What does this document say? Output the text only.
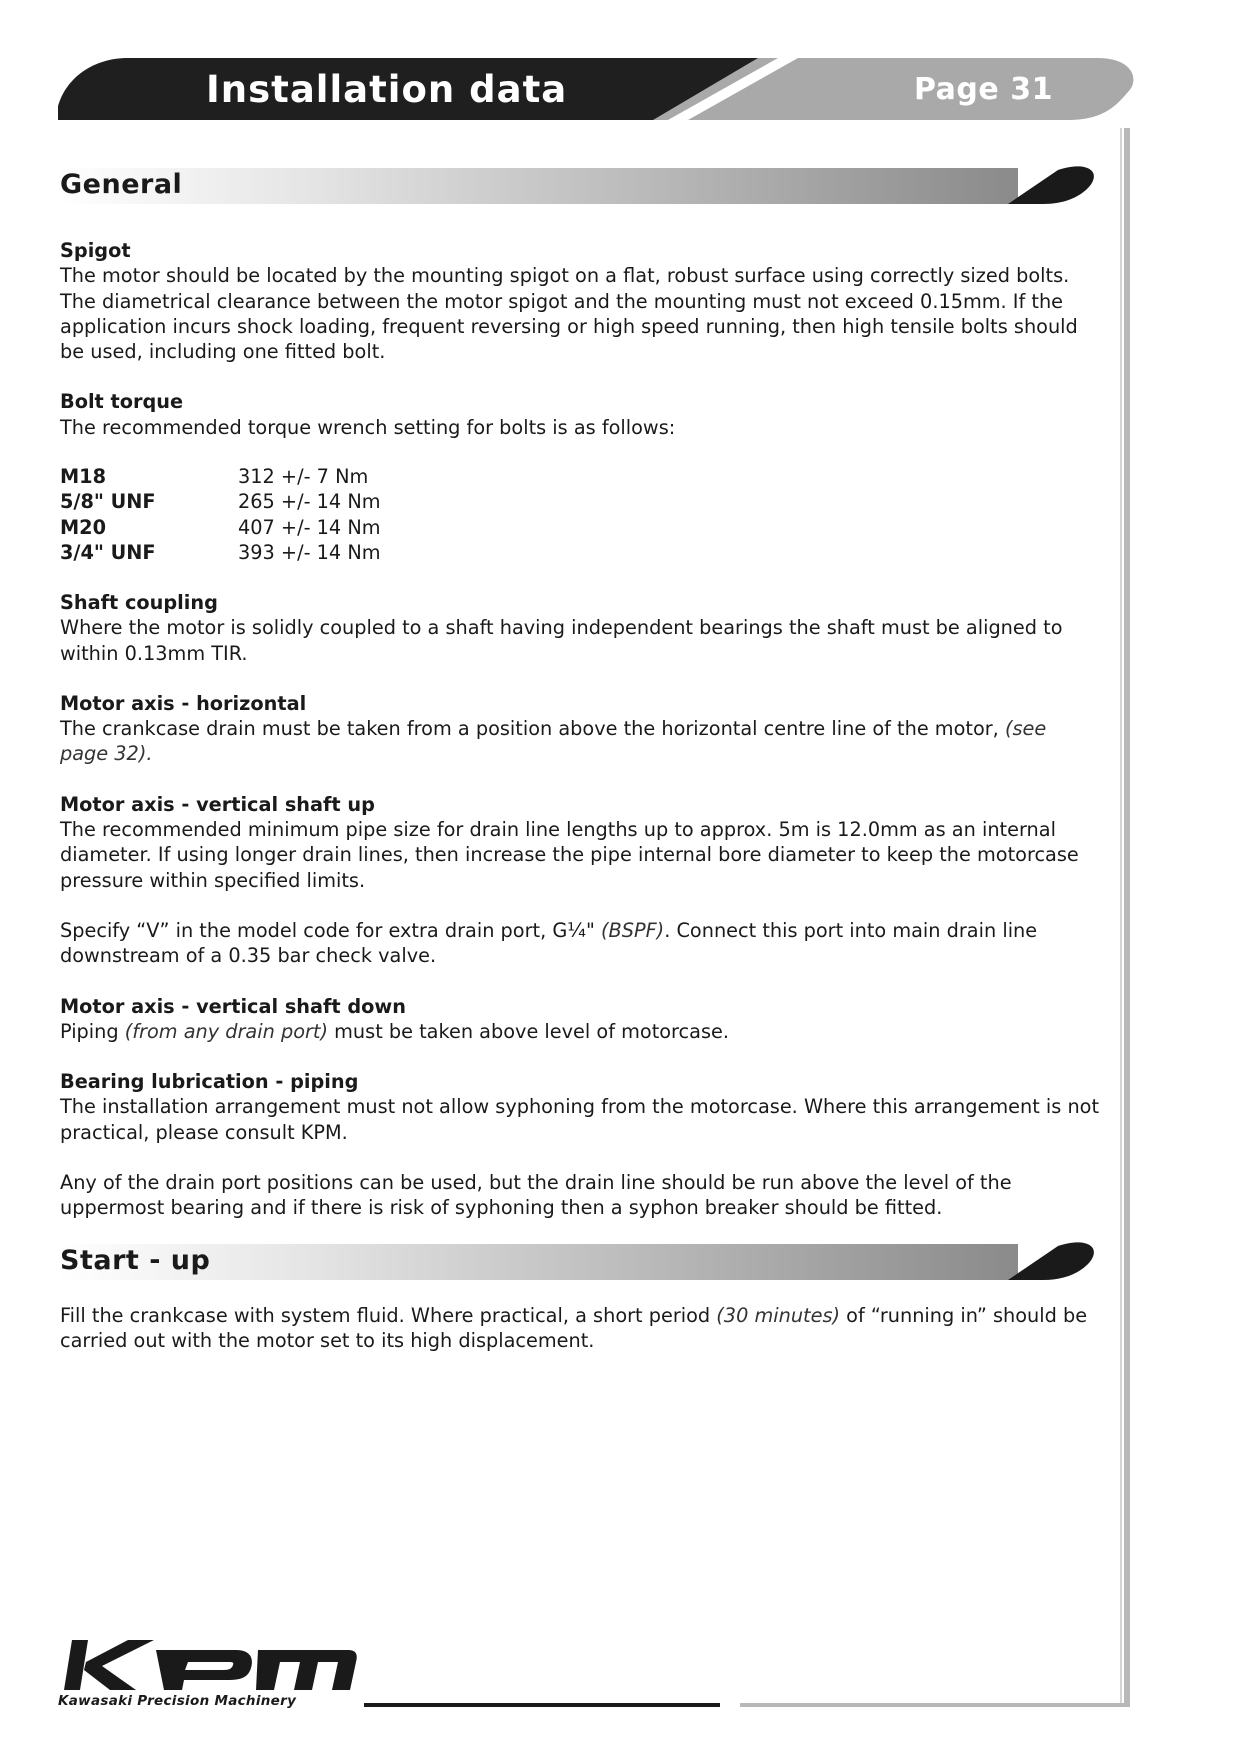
Installation data	Page 31
General

Spigot

The motor should be located by the mounting spigot on a flat, robust surface using correctly sized bolts. The diametrical clearance between the motor spigot and the mounting must not exceed 0.15mm. If the application incurs shock loading, frequent reversing or high speed running, then high tensile bolts should be used, including one fitted bolt.

Bolt torque

The recommended torque wrench setting for bolts is as follows:

M18	312 +/- 7 Nm
5/8" UNF	265 +/- 14 Nm
M20	407 +/- 14 Nm
3/4" UNF	393 +/- 14 Nm

Shaft coupling

Where the motor is solidly coupled to a shaft having independent bearings the shaft must be aligned to within 0.13mm TIR.

Motor axis - horizontal

The crankcase drain must be taken from a position above the horizontal centre line of the motor, (see page 32).

Motor axis - vertical shaft up

The recommended minimum pipe size for drain line lengths up to approx. 5m is 12.0mm as an internal diameter. If using longer drain lines, then increase the pipe internal bore diameter to keep the motorcase pressure within specified limits.

Specify “V” in the model code for extra drain port, G¼" (BSPF). Connect this port into main drain line downstream of a 0.35 bar check valve.

Motor axis - vertical shaft down

Piping (from any drain port) must be taken above level of motorcase.

Bearing lubrication - piping

The installation arrangement must not allow syphoning from the motorcase. Where this arrangement is not practical, please consult KPM.

Any of the drain port positions can be used, but the drain line should be run above the level of the uppermost bearing and if there is risk of syphoning then a syphon breaker should be fitted.

Start - up

Fill the crankcase with system fluid. Where practical, a short period (30 minutes) of “running in” should be carried out with the motor set to its high displacement.

Kawasaki Precision Machinery
